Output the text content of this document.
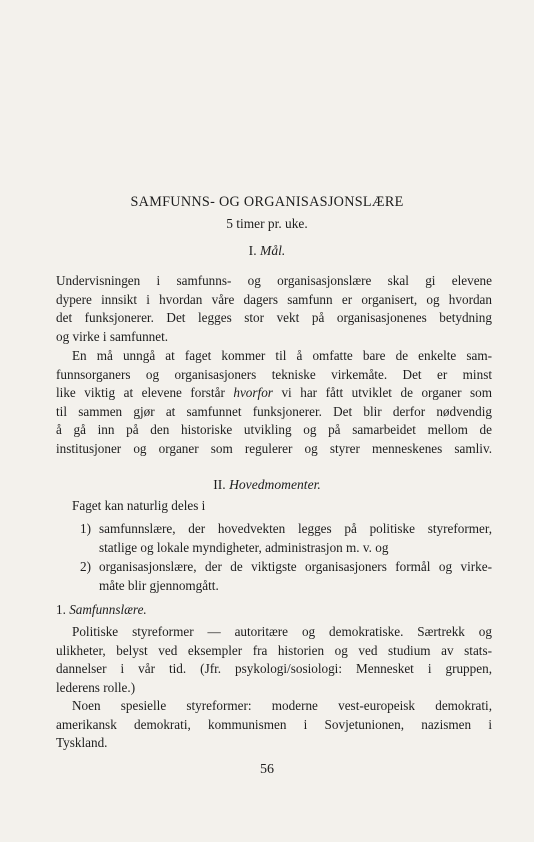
SAMFUNNS- OG ORGANISASJONSLÆRE
5 timer pr. uke.
I. Mål.
Undervisningen i samfunns- og organisasjonslære skal gi elevene
dypere innsikt i hvordan våre dagers samfunn er organisert, og hvordan
det funksjonerer. Det legges stor vekt på organisasjonenes betydning
og virke i samfunnet.
En må unngå at faget kommer til å omfatte bare de enkelte sam-
funnsorganers og organisasjoners tekniske virkemåte. Det er minst
like viktig at elevene forstår hvorfor vi har fått utviklet de organer som
til sammen gjør at samfunnet funksjonerer. Det blir derfor nødvendig
å gå inn på den historiske utvikling og på samarbeidet mellom de
institusjoner og organer som regulerer og styrer menneskenes samliv.
II. Hovedmomenter.
Faget kan naturlig deles i
1) samfunnslære, der hovedvekten legges på politiske styreformer,
statlige og lokale myndigheter, administrasjon m. v. og
2) organisasjonslære, der de viktigste organisasjoners formål og virke-
måte blir gjennomgått.
1. Samfunnslære.
Politiske styreformer — autoritære og demokratiske. Særtrekk og
ulikheter, belyst ved eksempler fra historien og ved studium av stats-
dannelser i vår tid. (Jfr. psykologi/sosiologi: Mennesket i gruppen,
lederens rolle.)
Noen spesielle styreformer: moderne vest-europeisk demokrati,
amerikansk demokrati, kommunismen i Sovjetunionen, nazismen i
Tyskland.
56
